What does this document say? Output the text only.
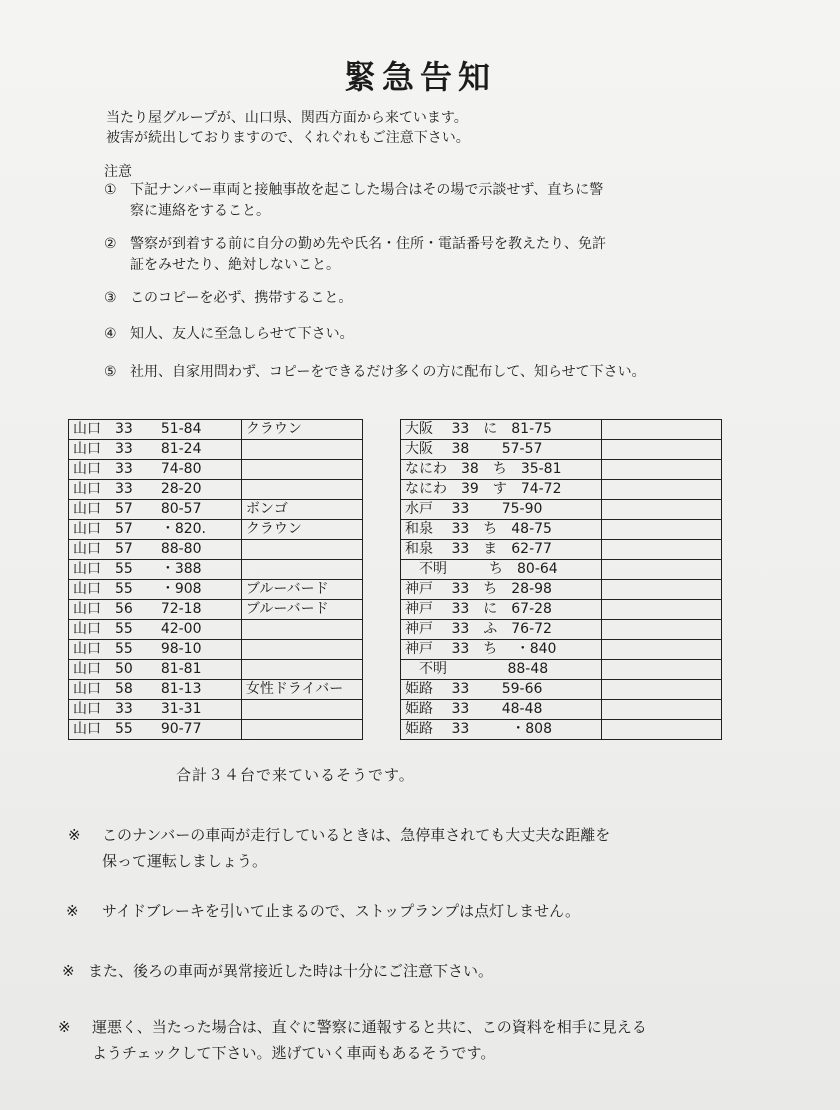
緊急告知
当たり屋グループが、山口県、関西方面から来ています。
被害が続出しておりますので、くれぐれもご注意下さい。
注意
① 下記ナンバー車両と接触事故を起こした場合はその場で示談せず、直ちに警
察に連絡をすること。
② 警察が到着する前に自分の勤め先や氏名・住所・電話番号を教えたり、免許
証をみせたり、絶対しないこと。
③ このコピーを必ず、携帯すること。
④ 知人、友人に至急しらせて下さい。
⑤ 社用、自家用問わず、コピーをできるだけ多くの方に配布して、知らせて下さい。
山口　33　　51-84	クラウン
山口　33　　81-24	
山口　33　　74-80	
山口　33　　28-20	
山口　57　　80-57	ボンゴ
山口　57　　・820.	クラウン
山口　57　　88-80	
山口　55　　・388	
山口　55　　・908	ブルーバード
山口　56　　72-18	ブルーバード
山口　55　　42-00	
山口　55　　98-10	
山口　50　　81-81	
山口　58　　81-13	女性ドライバー
山口　33　　31-31	
山口　55　　90-77	
大阪　 33　に　81-75	
大阪　 38　　 57-57	
なにわ　38　ち　35-81	
なにわ　39　す　74-72	
水戸　 33　　 75-90	
和泉　 33　ち　48-75	
和泉　 33　ま　62-77	
　不明　　　ち　80-64	
神戸　 33　ち　28-98	
神戸　 33　に　67-28	
神戸　 33　ふ　76-72	
神戸　 33　ち　 ・840	
　不明　　　　 88-48	
姫路　 33　　 59-66	
姫路　 33　　 48-48	
姫路　 33　　　・808	
合計３４台で来ているそうです。
※ このナンバーの車両が走行しているときは、急停車されても大丈夫な距離を
保って運転しましょう。
※ サイドブレーキを引いて止まるので、ストップランプは点灯しません。
※ また、後ろの車両が異常接近した時は十分にご注意下さい。
※ 運悪く、当たった場合は、直ぐに警察に通報すると共に、この資料を相手に見える
ようチェックして下さい。逃げていく車両もあるそうです。
